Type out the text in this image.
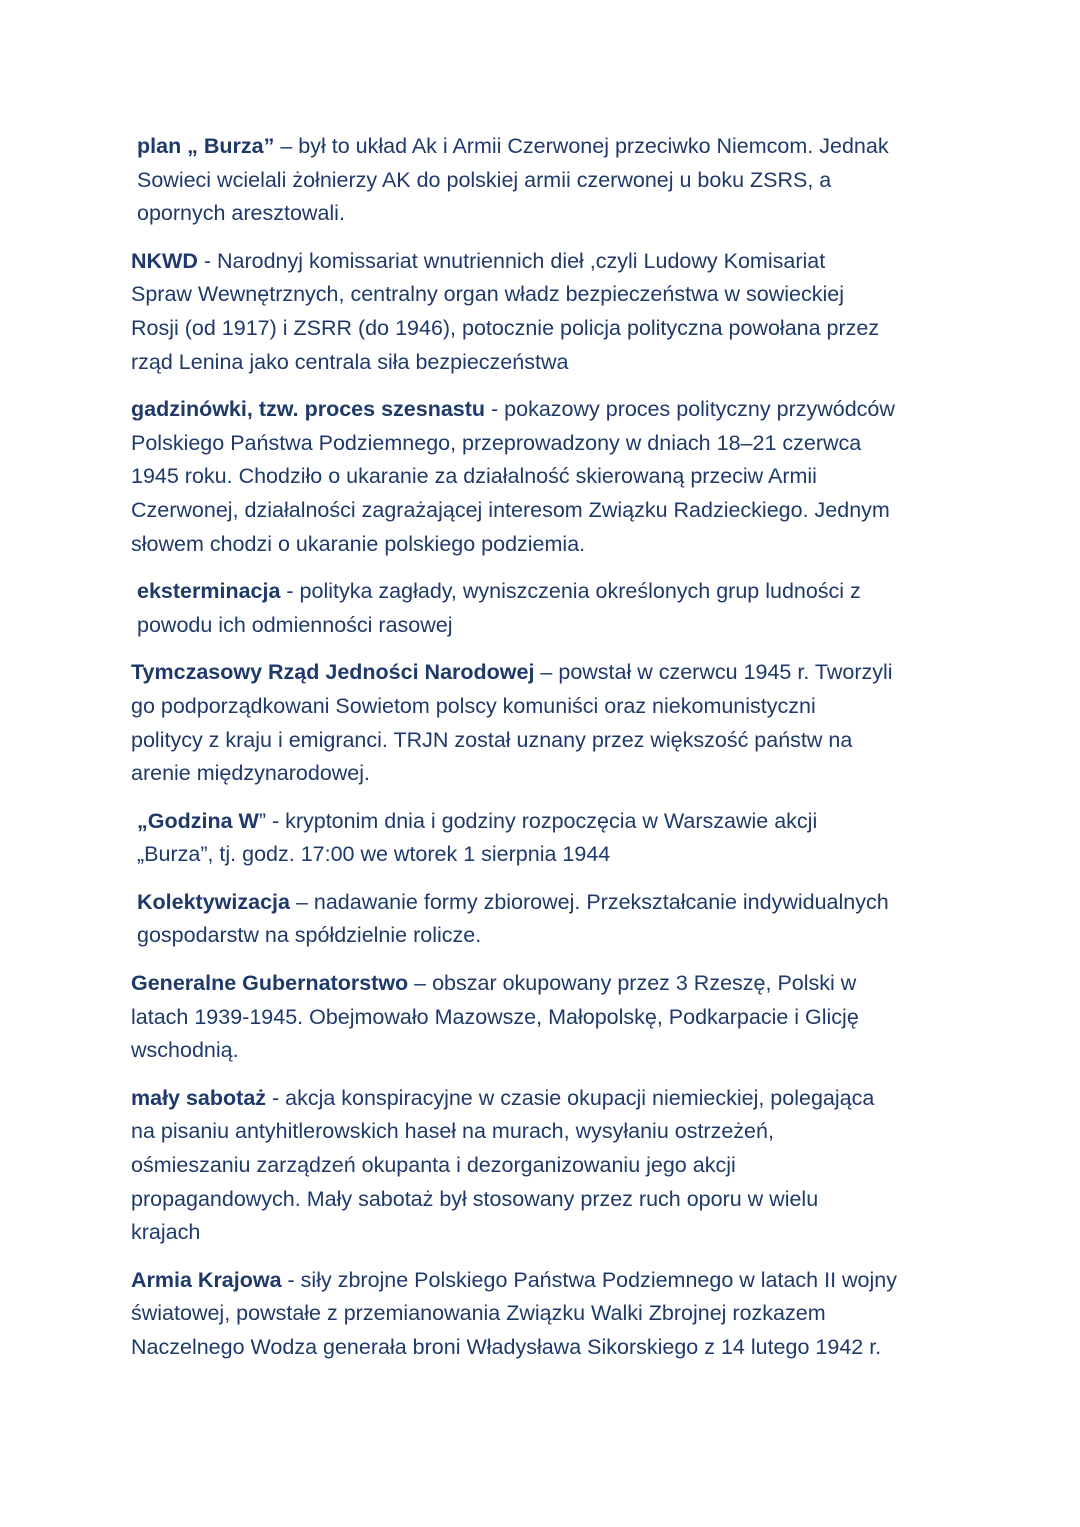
plan „ Burza” – był to układ Ak i Armii Czerwonej przeciwko Niemcom. Jednak
Sowieci wcielali żołnierzy AK do polskiej armii czerwonej u boku ZSRS, a
opornych aresztowali.

NKWD - Narodnyj komissariat wnutriennich dieł ,czyli Ludowy Komisariat
Spraw Wewnętrznych, centralny organ władz bezpieczeństwa w sowieckiej
Rosji (od 1917) i ZSRR (do 1946), potocznie policja polityczna powołana przez
rząd Lenina jako centrala siła bezpieczeństwa

gadzinówki, tzw. proces szesnastu - pokazowy proces polityczny przywódców
Polskiego Państwa Podziemnego, przeprowadzony w dniach 18–21 czerwca
1945 roku. Chodziło o ukaranie za działalność skierowaną przeciw Armii
Czerwonej, działalności zagrażającej interesom Związku Radzieckiego. Jednym
słowem chodzi o ukaranie polskiego podziemia.

eksterminacja - polityka zagłady, wyniszczenia określonych grup ludności z
powodu ich odmienności rasowej

Tymczasowy Rząd Jedności Narodowej – powstał w czerwcu 1945 r. Tworzyli
go podporządkowani Sowietom polscy komuniści oraz niekomunistyczni
politycy z kraju i emigranci. TRJN został uznany przez większość państw na
arenie międzynarodowej.

„Godzina W” - kryptonim dnia i godziny rozpoczęcia w Warszawie akcji
„Burza”, tj. godz. 17:00 we wtorek 1 sierpnia 1944

Kolektywizacja – nadawanie formy zbiorowej. Przekształcanie indywidualnych
gospodarstw na spółdzielnie rolicze.

Generalne Gubernatorstwo – obszar okupowany przez 3 Rzeszę, Polski w
latach 1939-1945. Obejmowało Mazowsze, Małopolskę, Podkarpacie i Glicję
wschodnią.

mały sabotaż - akcja konspiracyjne w czasie okupacji niemieckiej, polegająca
na pisaniu antyhitlerowskich haseł na murach, wysyłaniu ostrzeżeń,
ośmieszaniu zarządzeń okupanta i dezorganizowaniu jego akcji
propagandowych. Mały sabotaż był stosowany przez ruch oporu w wielu
krajach

Armia Krajowa - siły zbrojne Polskiego Państwa Podziemnego w latach II wojny
światowej, powstałe z przemianowania Związku Walki Zbrojnej rozkazem
Naczelnego Wodza generała broni Władysława Sikorskiego z 14 lutego 1942 r.
